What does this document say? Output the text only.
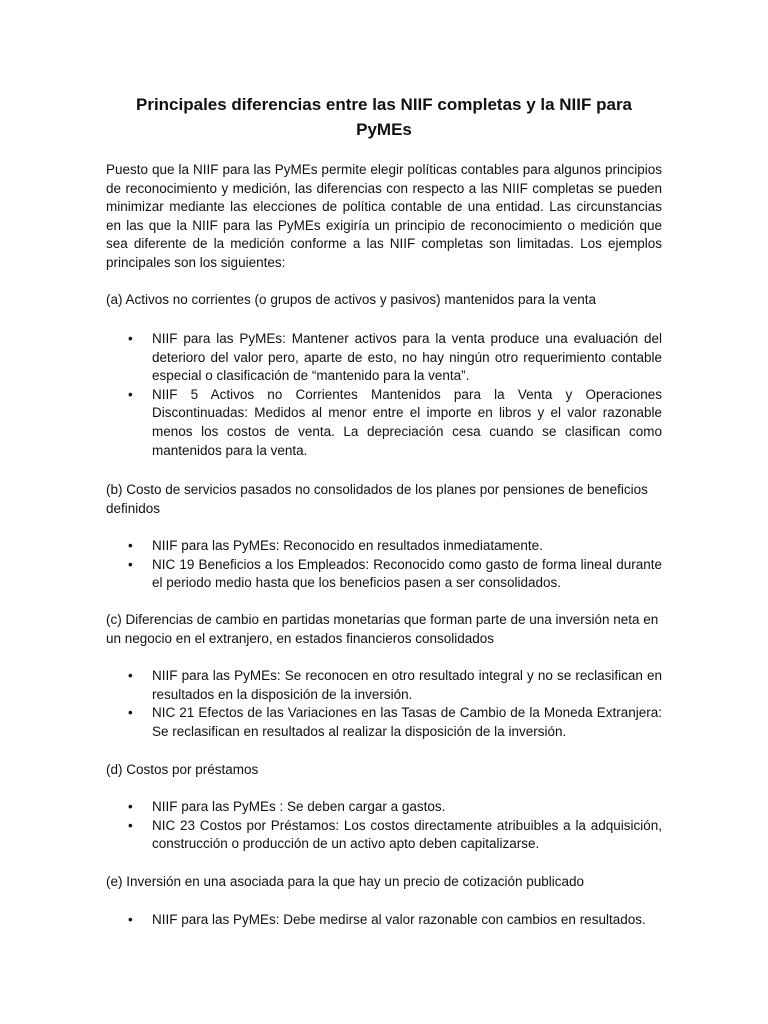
Principales diferencias entre las NIIF completas y la NIIF para PyMEs
Puesto que la NIIF para las PyMEs permite elegir políticas contables para algunos principios de reconocimiento y medición, las diferencias con respecto a las NIIF completas se pueden minimizar mediante las elecciones de política contable de una entidad. Las circunstancias en las que la NIIF para las PyMEs exigiría un principio de reconocimiento o medición que sea diferente de la medición conforme a las NIIF completas son limitadas. Los ejemplos principales son los siguientes:
(a) Activos no corrientes (o grupos de activos y pasivos) mantenidos para la venta
• NIIF para las PyMEs: Mantener activos para la venta produce una evaluación del deterioro del valor pero, aparte de esto, no hay ningún otro requerimiento contable especial o clasificación de “mantenido para la venta”.
• NIIF 5 Activos no Corrientes Mantenidos para la Venta y Operaciones Discontinuadas: Medidos al menor entre el importe en libros y el valor razonable menos los costos de venta. La depreciación cesa cuando se clasifican como mantenidos para la venta.
(b) Costo de servicios pasados no consolidados de los planes por pensiones de beneficios definidos
• NIIF para las PyMEs: Reconocido en resultados inmediatamente.
• NIC 19 Beneficios a los Empleados: Reconocido como gasto de forma lineal durante el periodo medio hasta que los beneficios pasen a ser consolidados.
(c) Diferencias de cambio en partidas monetarias que forman parte de una inversión neta en un negocio en el extranjero, en estados financieros consolidados
• NIIF para las PyMEs: Se reconocen en otro resultado integral y no se reclasifican en resultados en la disposición de la inversión.
• NIC 21 Efectos de las Variaciones en las Tasas de Cambio de la Moneda Extranjera: Se reclasifican en resultados al realizar la disposición de la inversión.
(d) Costos por préstamos
• NIIF para las PyMEs : Se deben cargar a gastos.
• NIC 23 Costos por Préstamos: Los costos directamente atribuibles a la adquisición, construcción o producción de un activo apto deben capitalizarse.
(e) Inversión en una asociada para la que hay un precio de cotización publicado
• NIIF para las PyMEs: Debe medirse al valor razonable con cambios en resultados.
